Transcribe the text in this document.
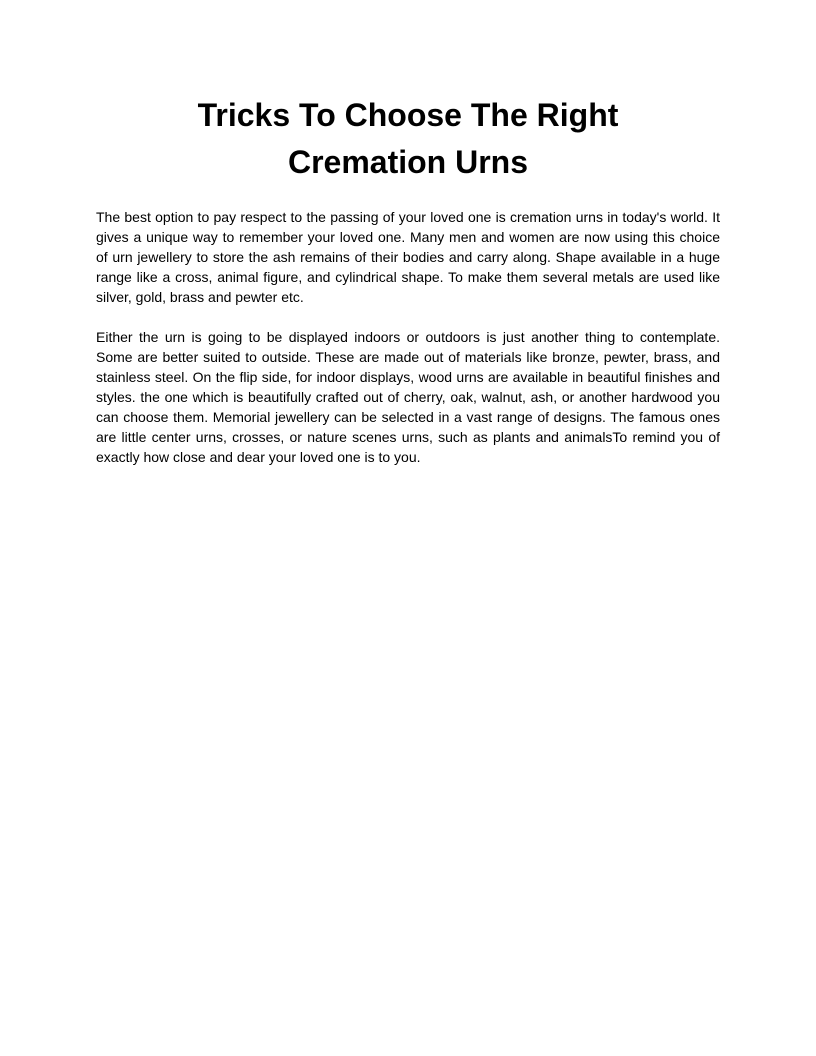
Tricks To Choose The Right Cremation Urns

The best option to pay respect to the passing of your loved one is cremation urns in today's world. It gives a unique way to remember your loved one. Many men and women are now using this choice of urn jewellery to store the ash remains of their bodies and carry along. Shape available in a huge range like a cross, animal figure, and cylindrical shape. To make them several metals are used like silver, gold, brass and pewter etc.

Either the urn is going to be displayed indoors or outdoors is just another thing to contemplate. Some are better suited to outside. These are made out of materials like bronze, pewter, brass, and stainless steel. On the flip side, for indoor displays, wood urns are available in beautiful finishes and styles. the one which is beautifully crafted out of cherry, oak, walnut, ash, or another hardwood you can choose them. Memorial jewellery can be selected in a vast range of designs. The famous ones are little center urns, crosses, or nature scenes urns, such as plants and animalsTo remind you of exactly how close and dear your loved one is to you.
